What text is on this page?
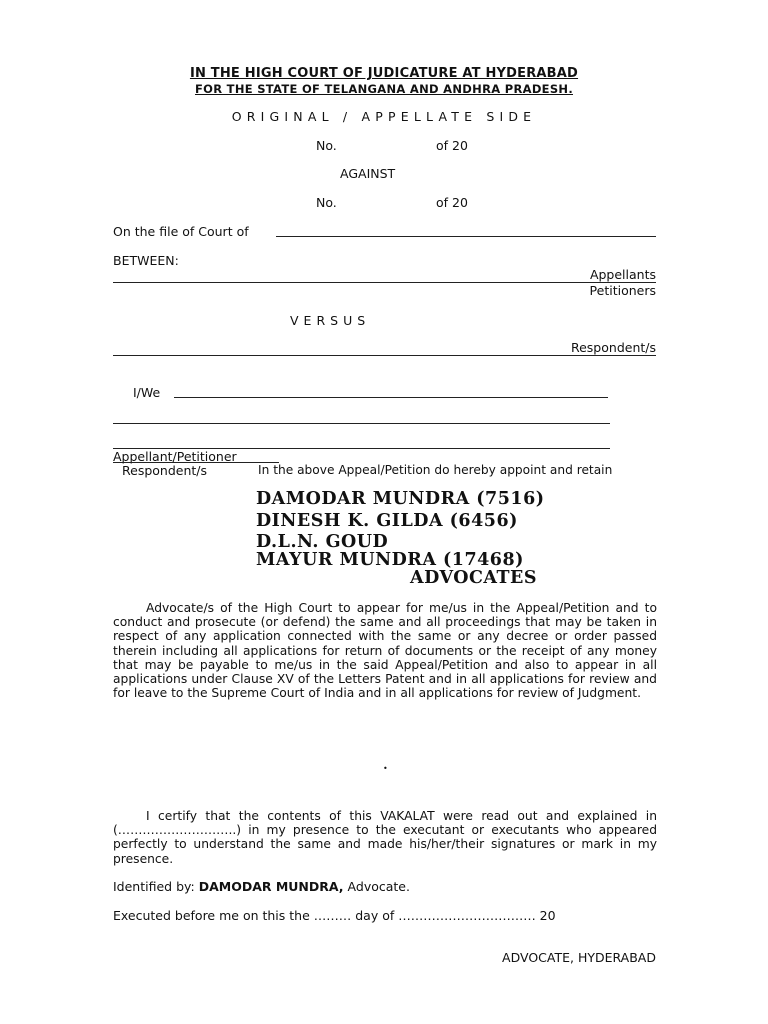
IN THE HIGH COURT OF JUDICATURE AT HYDERABAD
FOR THE STATE OF TELANGANA AND ANDHRA PRADESH.
ORIGINAL / APPELLATE SIDE
No.	of 20
AGAINST
No.	of 20
On the file of Court of
BETWEEN:
Appellants
Petitioners
VERSUS
Respondent/s
I/We
Appellant/Petitioner
Respondent/s	In the above Appeal/Petition do hereby appoint and retain
DAMODAR MUNDRA (7516)
DINESH K. GILDA (6456)
D.L.N. GOUD
MAYUR MUNDRA (17468)
ADVOCATES
Advocate/s of the High Court to appear for me/us in the Appeal/Petition and to conduct and prosecute (or defend) the same and all proceedings that may be taken in respect of any application connected with the same or any decree or order passed therein including all applications for return of documents or the receipt of any money that may be payable to me/us in the said Appeal/Petition and also to appear in all applications under Clause XV of the Letters Patent and in all applications for review and for leave to the Supreme Court of India and in all applications for review of Judgment.
•
I certify that the contents of this VAKALAT were read out and explained in (………………………..) in my presence to the executant or executants who appeared perfectly to understand the same and made his/her/their signatures or mark in my presence.
Identified by: DAMODAR MUNDRA, Advocate.
Executed before me on this the ……… day of …………………………… 20
ADVOCATE, HYDERABAD
